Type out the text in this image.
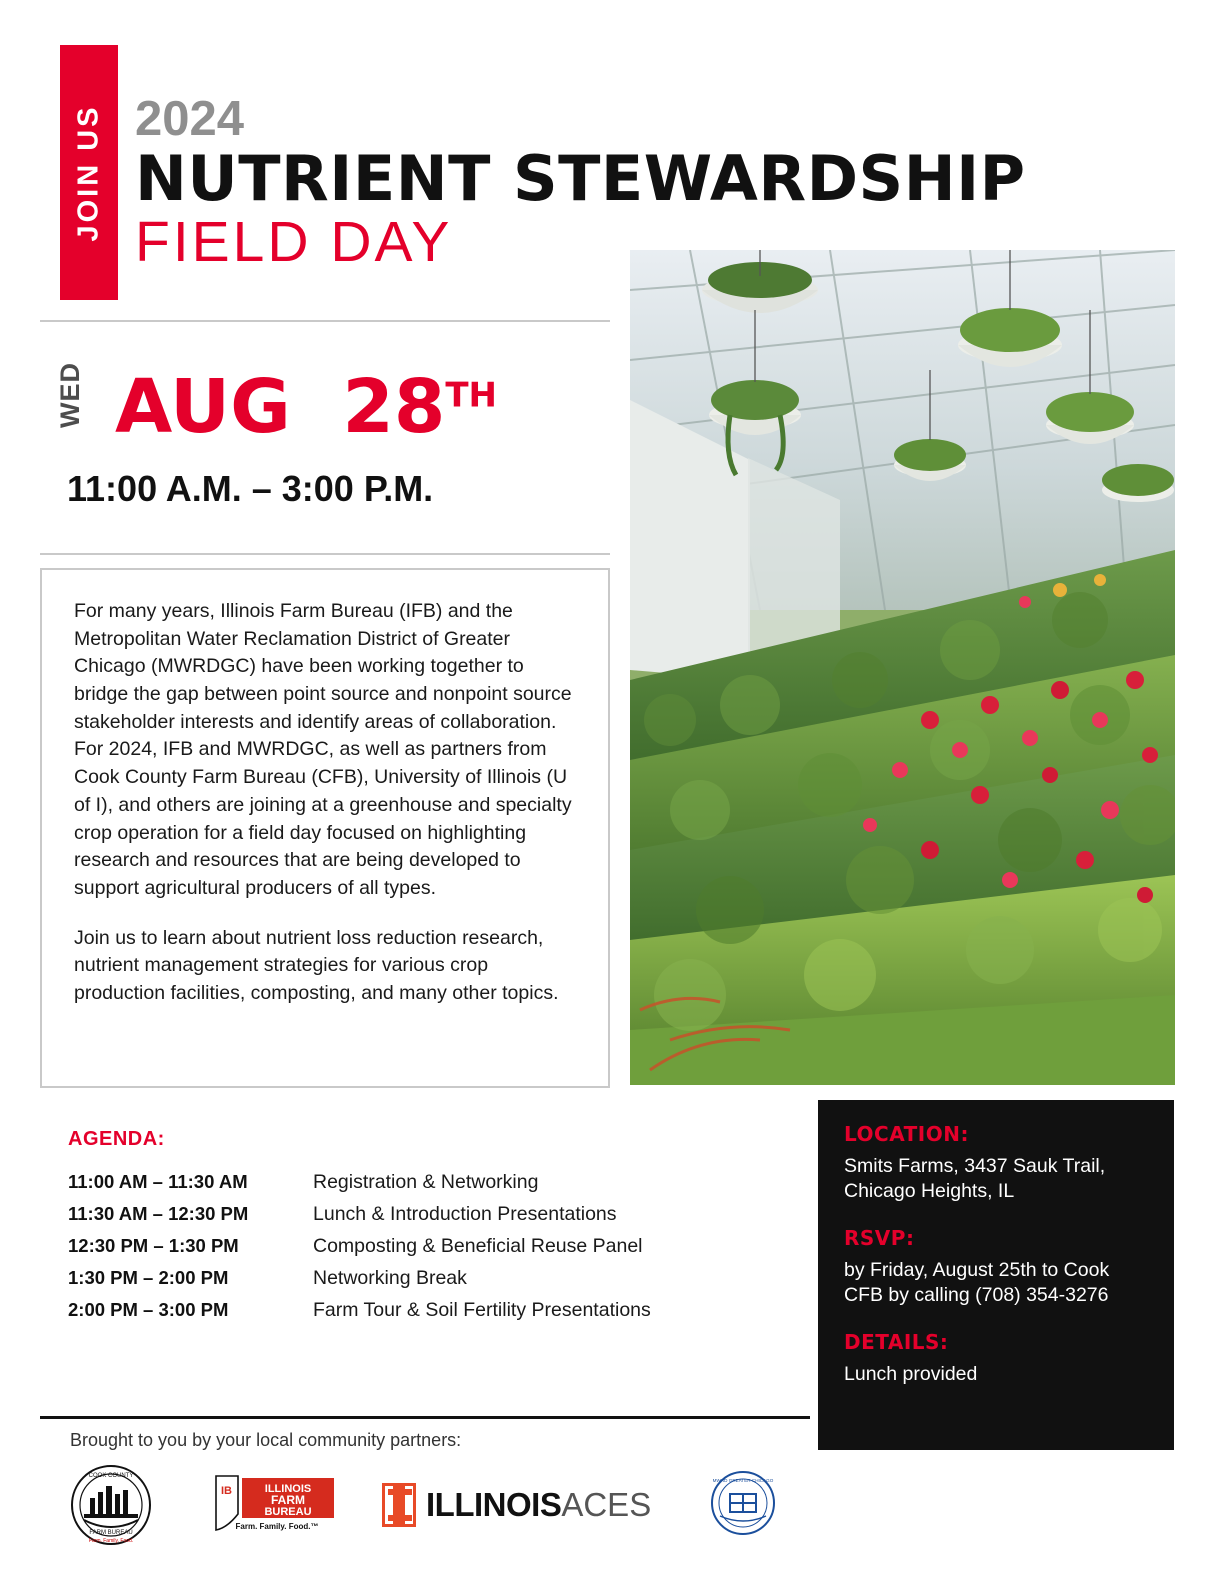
JOIN US 2024
NUTRIENT STEWARDSHIP
FIELD DAY
WED AUG 28TH
11:00 A.M. – 3:00 P.M.

For many years, Illinois Farm Bureau (IFB) and the Metropolitan Water Reclamation District of Greater Chicago (MWRDGC) have been working together to bridge the gap between point source and nonpoint source stakeholder interests and identify areas of collaboration. For 2024, IFB and MWRDGC, as well as partners from Cook County Farm Bureau (CFB), University of Illinois (U of I), and others are joining at a greenhouse and specialty crop operation for a field day focused on highlighting research and resources that are being developed to support agricultural producers of all types.

Join us to learn about nutrient loss reduction research, nutrient management strategies for various crop production facilities, composting, and many other topics.

AGENDA:
11:00 AM – 11:30 AM	Registration & Networking
11:30 AM – 12:30 PM	Lunch & Introduction Presentations
12:30 PM – 1:30 PM	Composting & Beneficial Reuse Panel
1:30 PM – 2:00 PM	Networking Break
2:00 PM – 3:00 PM	Farm Tour & Soil Fertility Presentations
LOCATION:
Smits Farms, 3437 Sauk Trail, Chicago Heights, IL
RSVP:
by Friday, August 25th to Cook CFB by calling (708) 354-3276
DETAILS:
Lunch provided
Brought to you by your local community partners:
COOK COUNTY
FARM BUREAU
Farm. Family. Food.
IB	ILLINOIS
FARM
BUREAU
Farm. Family. Food.™
ILLINOISACES
MWRD GREATER CHICAGO
